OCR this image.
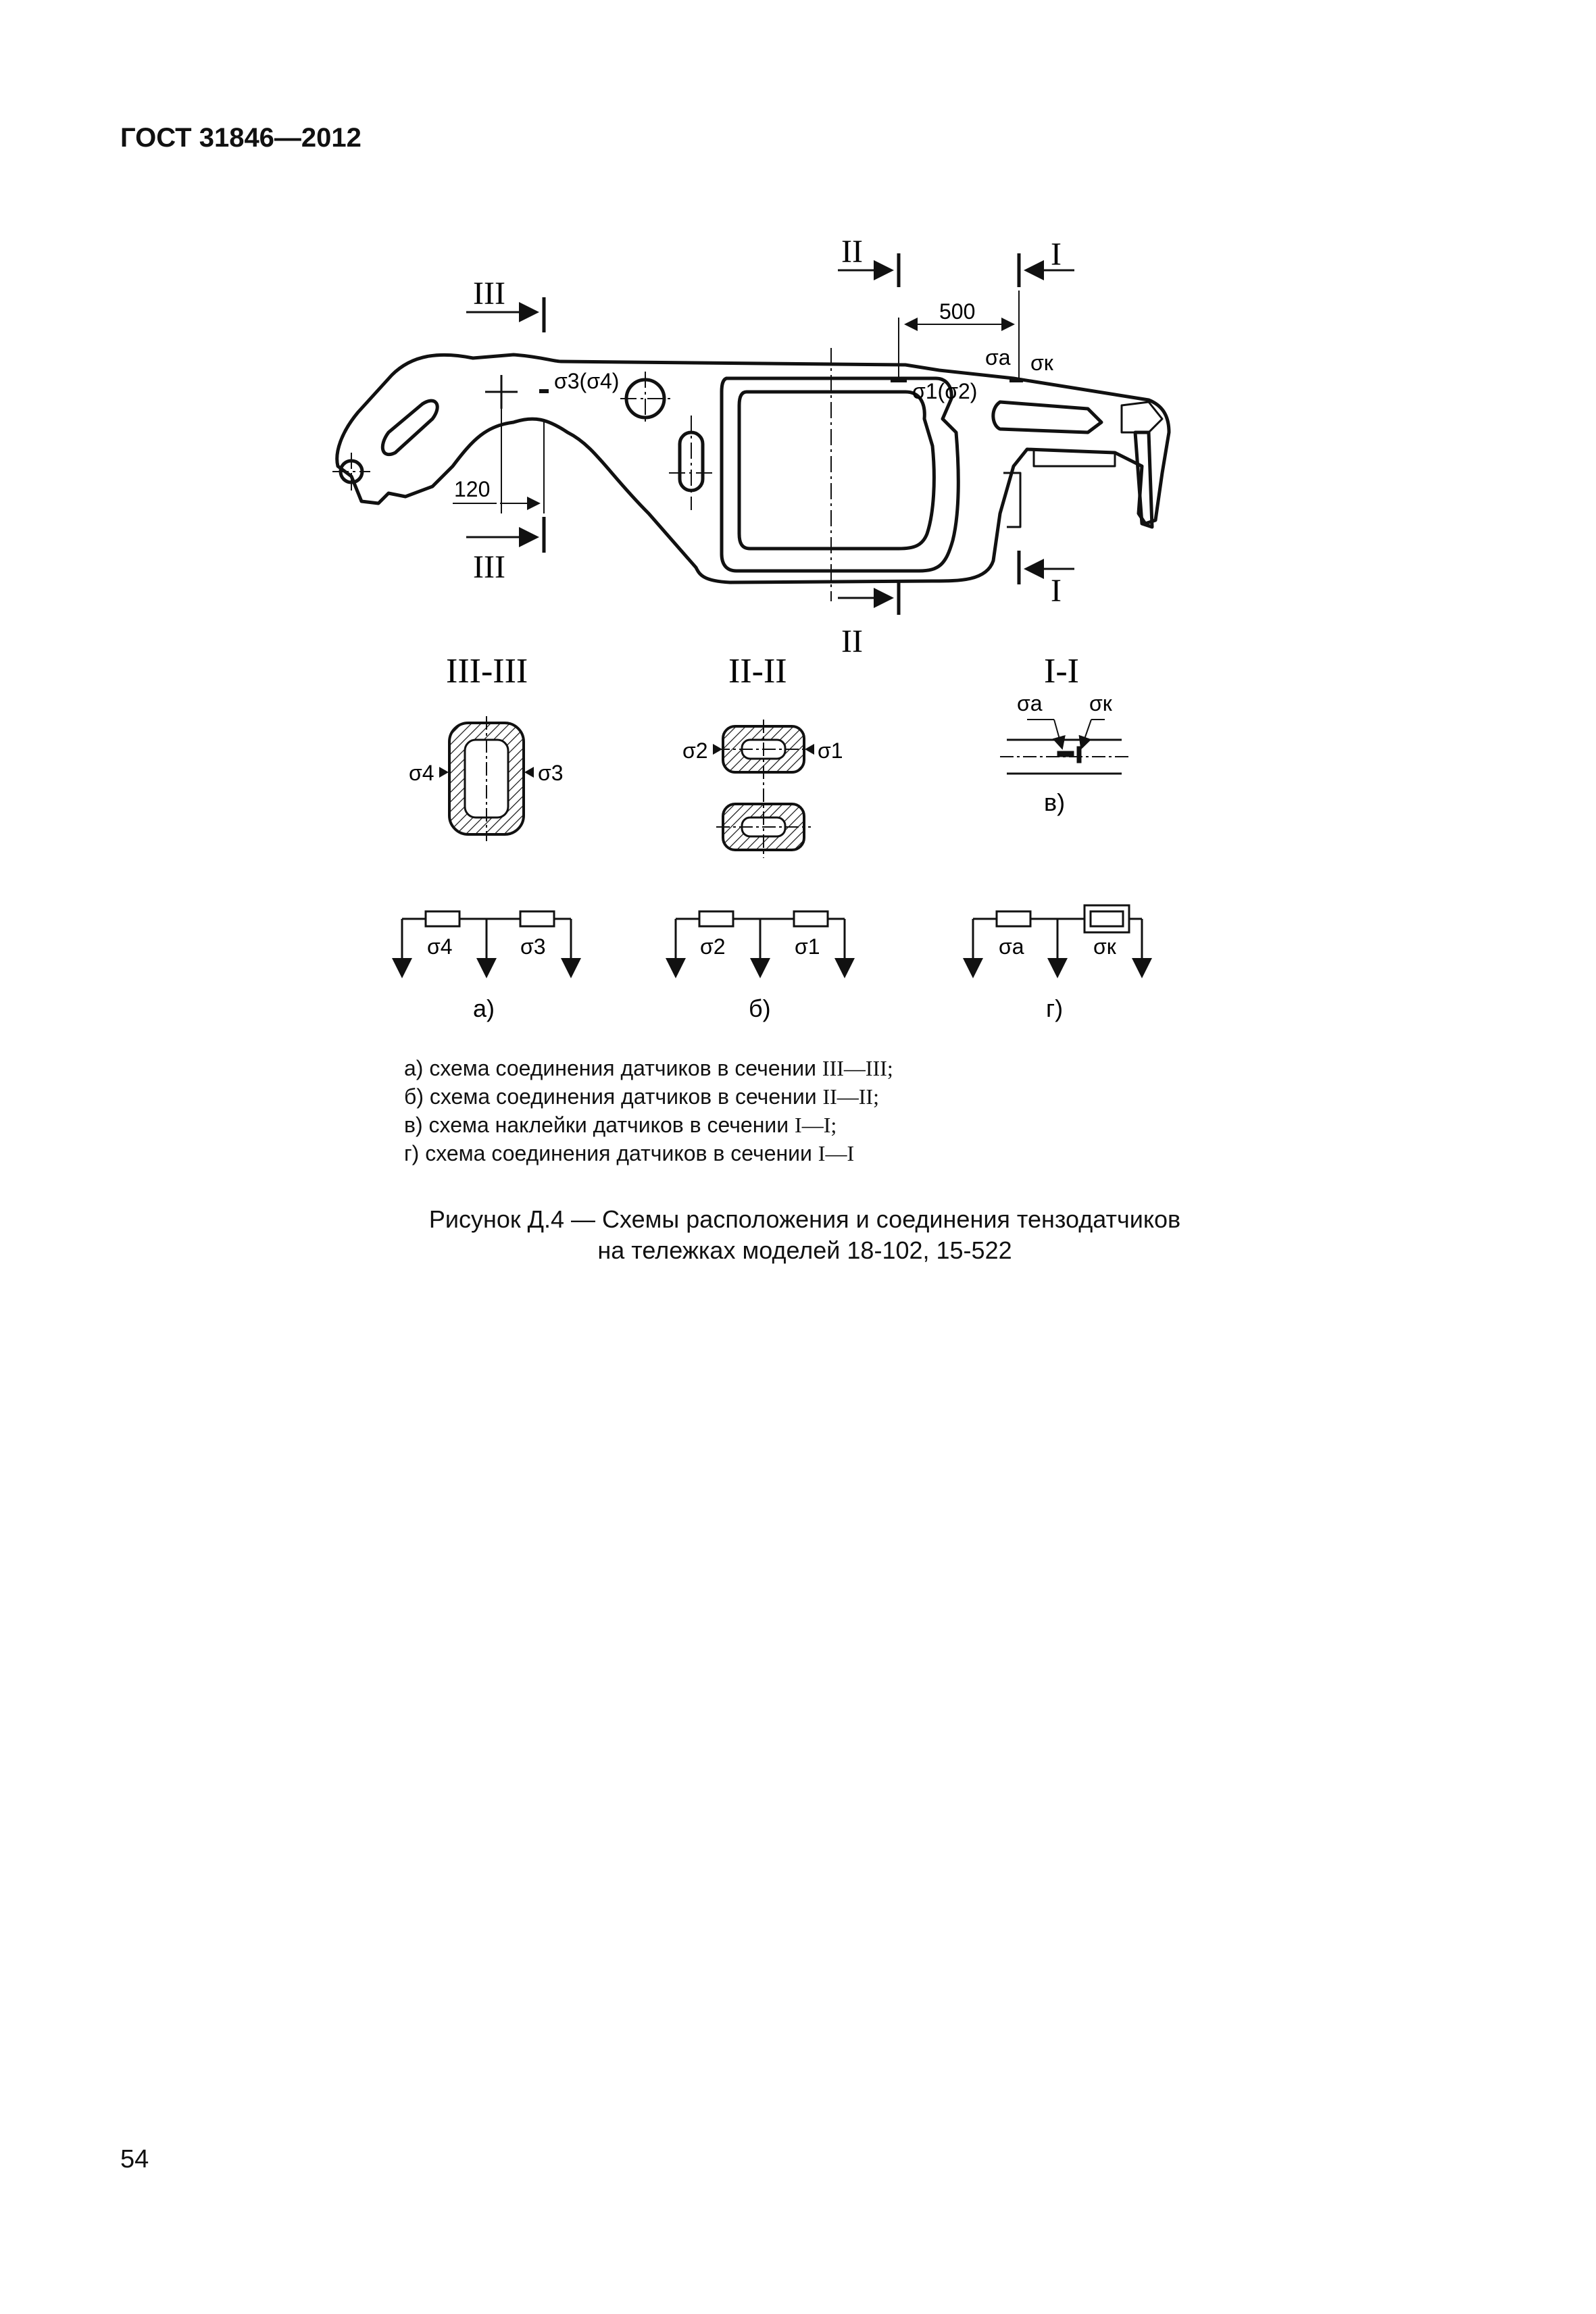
ГОСТ 31846—2012
III
III
II
II
I
I
500
120
σ3(σ4)	σ1(σ2)
σa σк
III-III	II-II	I-I
σ4	σ3
σ2	σ1
σa σк
в)
σ4	σ3
а)
σ2	σ1
б)
σa	σк
г)
а) схема соединения датчиков в сечении III—III;
б) схема соединения датчиков в сечении II—II;
в) схема наклейки датчиков в сечении I—I;
г) схема соединения датчиков в сечении I—I
Рисунок Д.4 — Схемы расположения и соединения тензодатчиков
на тележках моделей 18-102, 15-522
54
